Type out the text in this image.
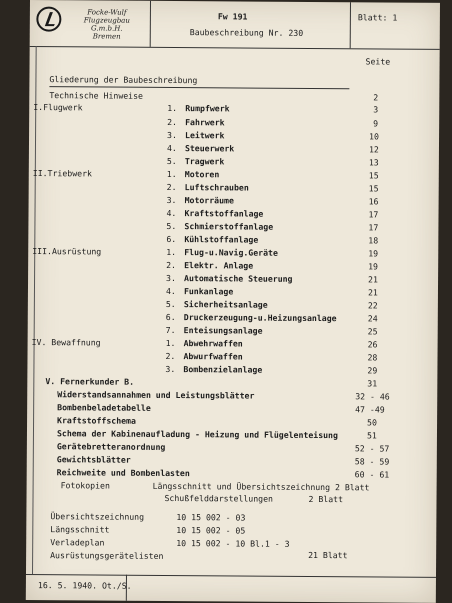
Focke-Wulf
Flugzeugbau
G.m.b.H.
Bremen
Fw 191
Baubeschreibung Nr. 230
Blatt: 1
Seite
Gliederung der Baubeschreibung
Technische Hinweise	2
I.Flugwerk	1. Rumpfwerk	3
2. Fahrwerk	9
3. Leitwerk	10
4. Steuerwerk	12
5. Tragwerk	13
II.Triebwerk	1. Motoren	15
2. Luftschrauben	15
3. Motorräume	16
4. Kraftstoffanlage	17
5. Schmierstoffanlage	17
6. Kühlstoffanlage	18
III.Ausrüstung	1. Flug-u.Navig.Geräte	19
2. Elektr. Anlage	19
3. Automatische Steuerung	21
4. Funkanlage	21
5. Sicherheitsanlage	22
6. Druckerzeugung-u.Heizungsanlage	24
7. Enteisungsanlage	25
IV. Bewaffnung	1. Abwehrwaffen	26
2. Abwurfwaffen	28
3. Bombenzielanlage	29
V. Fernerkunder B.	31
Widerstandsannahmen und Leistungsblätter	32 - 46
Bombenbeladetabelle	47 -49
Kraftstoffschema	50
Schema der Kabinenaufladung - Heizung und Flügelenteisung	51
Gerätebretteranordnung	52 - 57
Gewichtsblätter	58 - 59
Reichweite und Bombenlasten	60 - 61
Fotokopien	Längsschnitt und Übersichtszeichnung 2 Blatt
Schußfelddarstellungen	2 Blatt
Übersichtszeichnung	10 15 002 - 03
Längsschnitt	10 15 002 - 05
Verladeplan	10 15 002 - 10 Bl.1 - 3
Ausrüstungsgerätelisten	21 Blatt
16. 5. 1940. Ot./S.
